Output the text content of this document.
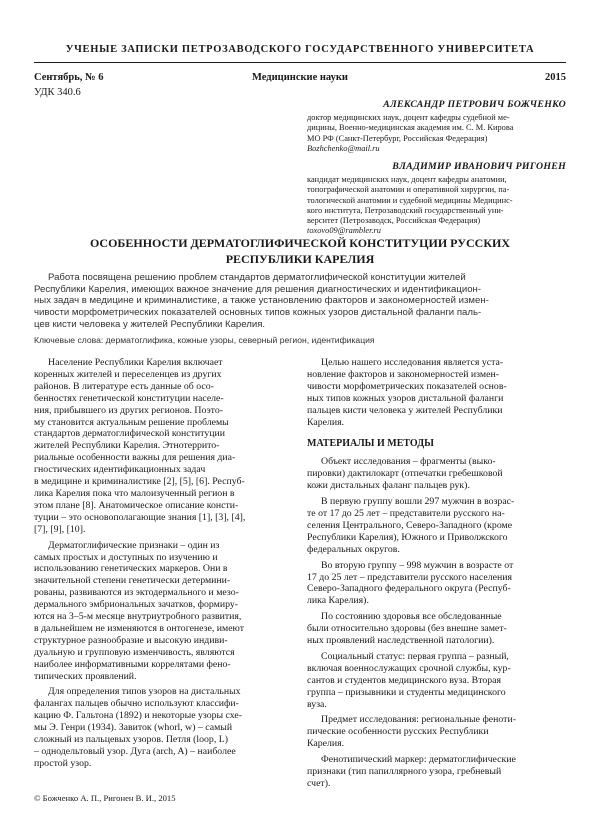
УЧЕНЫЕ ЗАПИСКИ ПЕТРОЗАВОДСКОГО ГОСУДАРСТВЕННОГО УНИВЕРСИТЕТА
Сентябрь, № 6	Медицинские науки	2015
УДК 340.6
АЛЕКСАНДР ПЕТРОВИЧ БОЖЧЕНКО
доктор медицинских наук, доцент кафедры судебной ме-
дицины, Военно-медицинская академия им. С. М. Кирова
МО РФ (Санкт-Петербург, Российская Федерация)
Bozhchenko@mail.ru
ВЛАДИМИР ИВАНОВИЧ РИГОНЕН
кандидат медицинских наук, доцент кафедры анатомии,
топографической анатомии и оперативной хирургии, па-
тологической анатомии и судебной медицины Медицинс-
кого института, Петрозаводский государственный уни-
верситет (Петрозаводск, Российская Федерация)
toxovo09@rambler.ru
ОСОБЕННОСТИ ДЕРМАТОГЛИФИЧЕСКОЙ КОНСТИТУЦИИ РУССКИХ
РЕСПУБЛИКИ КАРЕЛИЯ
Работа посвящена решению проблем стандартов дерматоглифической конституции жителей
Республики Карелия, имеющих важное значение для решения диагностических и идентификацион-
ных задач в медицине и криминалистике, а также установлению факторов и закономерностей измен-
чивости морфометрических показателей основных типов кожных узоров дистальной фаланги паль-
цев кисти человека у жителей Республики Карелия.
Ключевые слова: дерматоглифика, кожные узоры, северный регион, идентификация
Население Республики Карелия включает
коренных жителей и переселенцев из других
районов. В литературе есть данные об осо-
бенностях генетической конституции населе-
ния, прибывшего из других регионов. Поэто-
му становится актуальным решение проблемы
стандартов дерматоглифической конституции
жителей Республики Карелия. Этнотеррито-
риальные особенности важны для решения диа-
гностических идентификационных задач
в медицине и криминалистике [2], [5], [6]. Респуб-
лика Карелия пока что малоизученный регион в
этом плане [8]. Анатомическое описание консти-
туции – это основополагающие знания [1], [3], [4],
[7], [9], [10].
Дерматоглифические признаки – один из
самых простых и доступных по изучению и
использованию генетических маркеров. Они в
значительной степени генетически детермини-
рованы, развиваются из эктодермального и мезо-
дермального эмбриональных зачатков, формиру-
ются на 3–5-м месяце внутриутробного развития,
в дальнейшем не изменяются в онтогенезе, имеют
структурное разнообразие и высокую индиви-
дуальную и групповую изменчивость, являются
наиболее информативными коррелятами фено-
типических проявлений.
Для определения типов узоров на дистальных
фалангах пальцев обычно используют классифи-
кацию Ф. Гальтона (1892) и некоторые узоры схе-
мы Э. Генри (1934). Завиток (whorl, w) – самый
сложный из пальцевых узоров. Петля (loop, L)
– однодельтовый узор. Дуга (arch, A) – наиболее
простой узор.
Целью нашего исследования является уста-
новление факторов и закономерностей измен-
чивости морфометрических показателей основ-
ных типов кожных узоров дистальной фаланги
пальцев кисти человека у жителей Республики
Карелия.
МАТЕРИАЛЫ И МЕТОДЫ
Объект исследования – фрагменты (выко-
пировки) дактилокарт (отпечатки гребешковой
кожи дистальных фаланг пальцев рук).
В первую группу вошли 297 мужчин в возрас-
те от 17 до 25 лет – представители русского на-
селения Центрального, Северо-Западного (кроме
Республики Карелия), Южного и Приволжского
федеральных округов.
Во вторую группу – 998 мужчин в возрасте от
17 до 25 лет – представители русского населения
Северо-Западного федерального округа (Респуб-
лика Карелия).
По состоянию здоровья все обследованные
были относительно здоровы (без внешне замет-
ных проявлений наследственной патологии).
Социальный статус: первая группа – разный,
включая военнослужащих срочной службы, кур-
сантов и студентов медицинского вуза. Вторая
группа – призывники и студенты медицинского
вуза.
Предмет исследования: региональные феноти-
пические особенности русских Республики
Карелия.
Фенотипический маркер: дерматоглифические
признаки (тип папиллярного узора, гребневый
счет).
© Божченко А. П., Ригонен В. И., 2015
